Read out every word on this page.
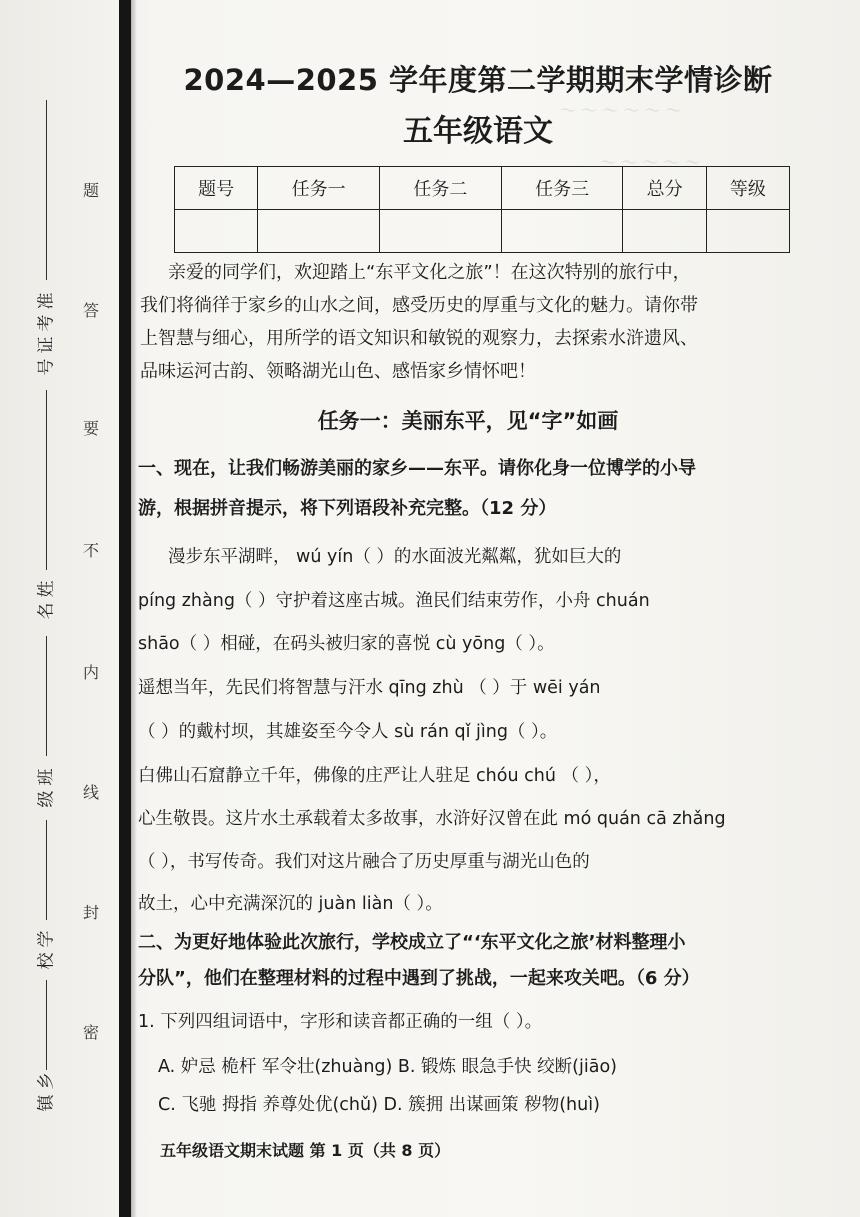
准
考
证
号
姓
名
班
级
学
校
乡
镇
题
答
要
不
内
线
封
密
～ ～ ～ ～ ～ ～
～ ～ ～ ～ ～
2024—2025 学年度第二学期期末学情诊断
五年级语文
题号	任务一	任务二	任务三	总分	等级

亲爱的同学们，欢迎踏上“东平文化之旅”！在这次特别的旅行中，
我们将徜徉于家乡的山水之间，感受历史的厚重与文化的魅力。请你带
上智慧与细心，用所学的语文知识和敏锐的观察力，去探索水浒遗风、
品味运河古韵、领略湖光山色、感悟家乡情怀吧！
任务一：美丽东平，见“字”如画
一、现在，让我们畅游美丽的家乡——东平。请你化身一位博学的小导
游，根据拼音提示，将下列语段补充完整。（12 分）
漫步东平湖畔， wú yín（ ）的水面波光粼粼，犹如巨大的
píng zhàng（ ）守护着这座古城。渔民们结束劳作，小舟 chuán
shāo（ ）相碰，在码头被归家的喜悦 cù yōng（ ）。
遥想当年，先民们将智慧与汗水 qīng zhù （ ）于 wēi yán
（ ）的戴村坝，其雄姿至今令人 sù rán qǐ jìng（ ）。
白佛山石窟静立千年，佛像的庄严让人驻足 chóu chú （ ），
心生敬畏。这片水土承载着太多故事，水浒好汉曾在此 mó quán cā zhǎng
（ ），书写传奇。我们对这片融合了历史厚重与湖光山色的
故土，心中充满深沉的 juàn liàn（ ）。
二、为更好地体验此次旅行，学校成立了“‘东平文化之旅’材料整理小
分队”，他们在整理材料的过程中遇到了挑战，一起来攻关吧。（6 分）
1. 下列四组词语中，字形和读音都正确的一组（ ）。
A. 妒忌 桅杆 军令壮(zhuàng) B. 锻炼 眼急手快 绞断(jiāo)
C. 飞驰 拇指 养尊处优(chǔ) D. 簇拥 出谋画策 秽物(huì)
五年级语文期末试题 第 1 页（共 8 页）
